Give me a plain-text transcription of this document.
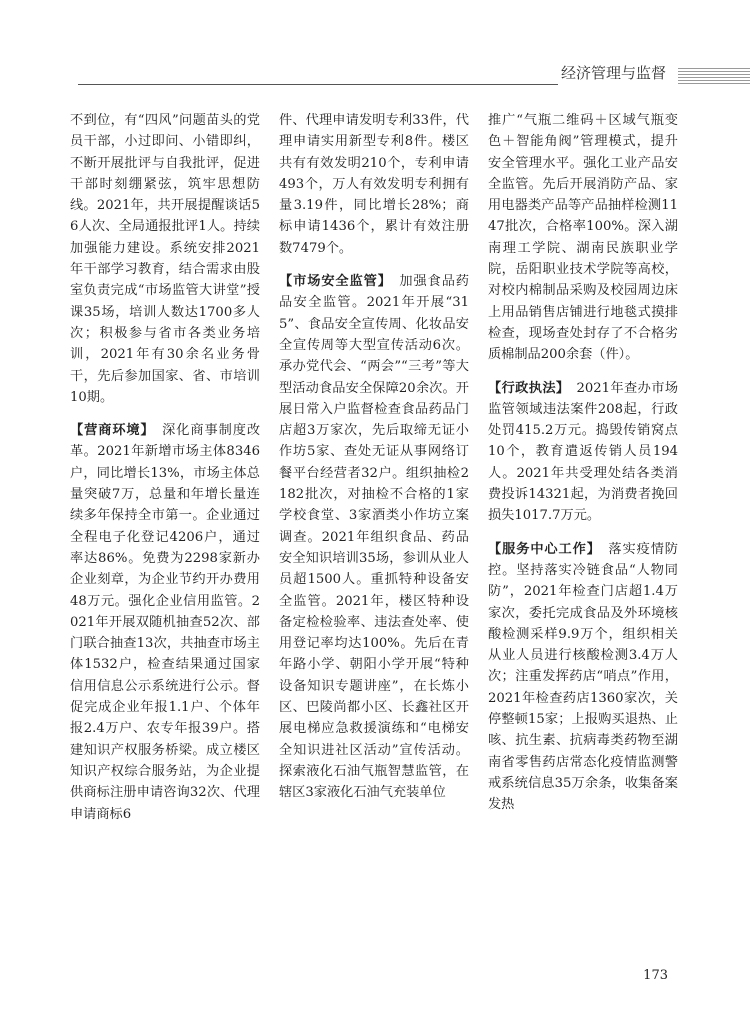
经济管理与监督

不到位，有“四风”问题苗头的党员干部，小过即问、小错即纠，不断开展批评与自我批评，促进干部时刻绷紧弦，筑牢思想防线。2021年，共开展提醒谈话56人次、全局通报批评1人。持续加强能力建设。系统安排2021年干部学习教育，结合需求由股室负责完成“市场监管大讲堂”授课35场，培训人数达1700多人次；积极参与省市各类业务培训，2021年有30余名业务骨干，先后参加国家、省、市培训10期。

【营商环境】　深化商事制度改革。2021年新增市场主体8346户，同比增长13%，市场主体总量突破7万，总量和年增长量连续多年保持全市第一。企业通过全程电子化登记4206户，通过率达86%。免费为2298家新办企业刻章，为企业节约开办费用48万元。强化企业信用监管。2021年开展双随机抽查52次、部门联合抽查13次，共抽查市场主体1532户，检查结果通过国家信用信息公示系统进行公示。督促完成企业年报1.1户、个体年报2.4万户、农专年报39户。搭建知识产权服务桥梁。成立楼区知识产权综合服务站，为企业提供商标注册申请咨询32次、代理申请商标6

件、代理申请发明专利33件，代理申请实用新型专利8件。楼区共有有效发明210个，专利申请493个，万人有效发明专利拥有量3.19件，同比增长28%；商标申请1436个，累计有效注册数7479个。

【市场安全监管】　加强食品药品安全监管。2021年开展“315”、食品安全宣传周、化妆品安全宣传周等大型宣传活动6次。承办党代会、“两会”“三考”等大型活动食品安全保障20余次。开展日常入户监督检查食品药品门店超3万家次，先后取缔无证小作坊5家、查处无证从事网络订餐平台经营者32户。组织抽检2182批次，对抽检不合格的1家学校食堂、3家酒类小作坊立案调查。2021年组织食品、药品安全知识培训35场，参训从业人员超1500人。重抓特种设备安全监管。2021年，楼区特种设备定检检验率、违法查处率、使用登记率均达100%。先后在青年路小学、朝阳小学开展“特种设备知识专题讲座”，在长炼小区、巴陵尚都小区、长鑫社区开展电梯应急救援演练和“电梯安全知识进社区活动”宣传活动。探索液化石油气瓶智慧监管，在辖区3家液化石油气充装单位

推广“气瓶二维码＋区域气瓶变色＋智能角阀”管理模式，提升安全管理水平。强化工业产品安全监管。先后开展消防产品、家用电器类产品等产品抽样检测1147批次，合格率100%。深入湖南理工学院、湖南民族职业学院，岳阳职业技术学院等高校，对校内棉制品采购及校园周边床上用品销售店铺进行地毯式摸排检查，现场查处封存了不合格劣质棉制品200余套（件）。

【行政执法】　2021年查办市场监管领域违法案件208起，行政处罚415.2万元。捣毁传销窝点10个，教育遣返传销人员194人。2021年共受理处结各类消费投诉14321起，为消费者挽回损失1017.7万元。

【服务中心工作】　落实疫情防控。坚持落实冷链食品“人物同防”，2021年检查门店超1.4万家次，委托完成食品及外环境核酸检测采样9.9万个，组织相关从业人员进行核酸检测3.4万人次；注重发挥药店“哨点”作用，2021年检查药店1360家次，关停整顿15家；上报购买退热、止咳、抗生素、抗病毒类药物至湖南省零售药店常态化疫情监测警戒系统信息35万余条，收集备案发热

173
